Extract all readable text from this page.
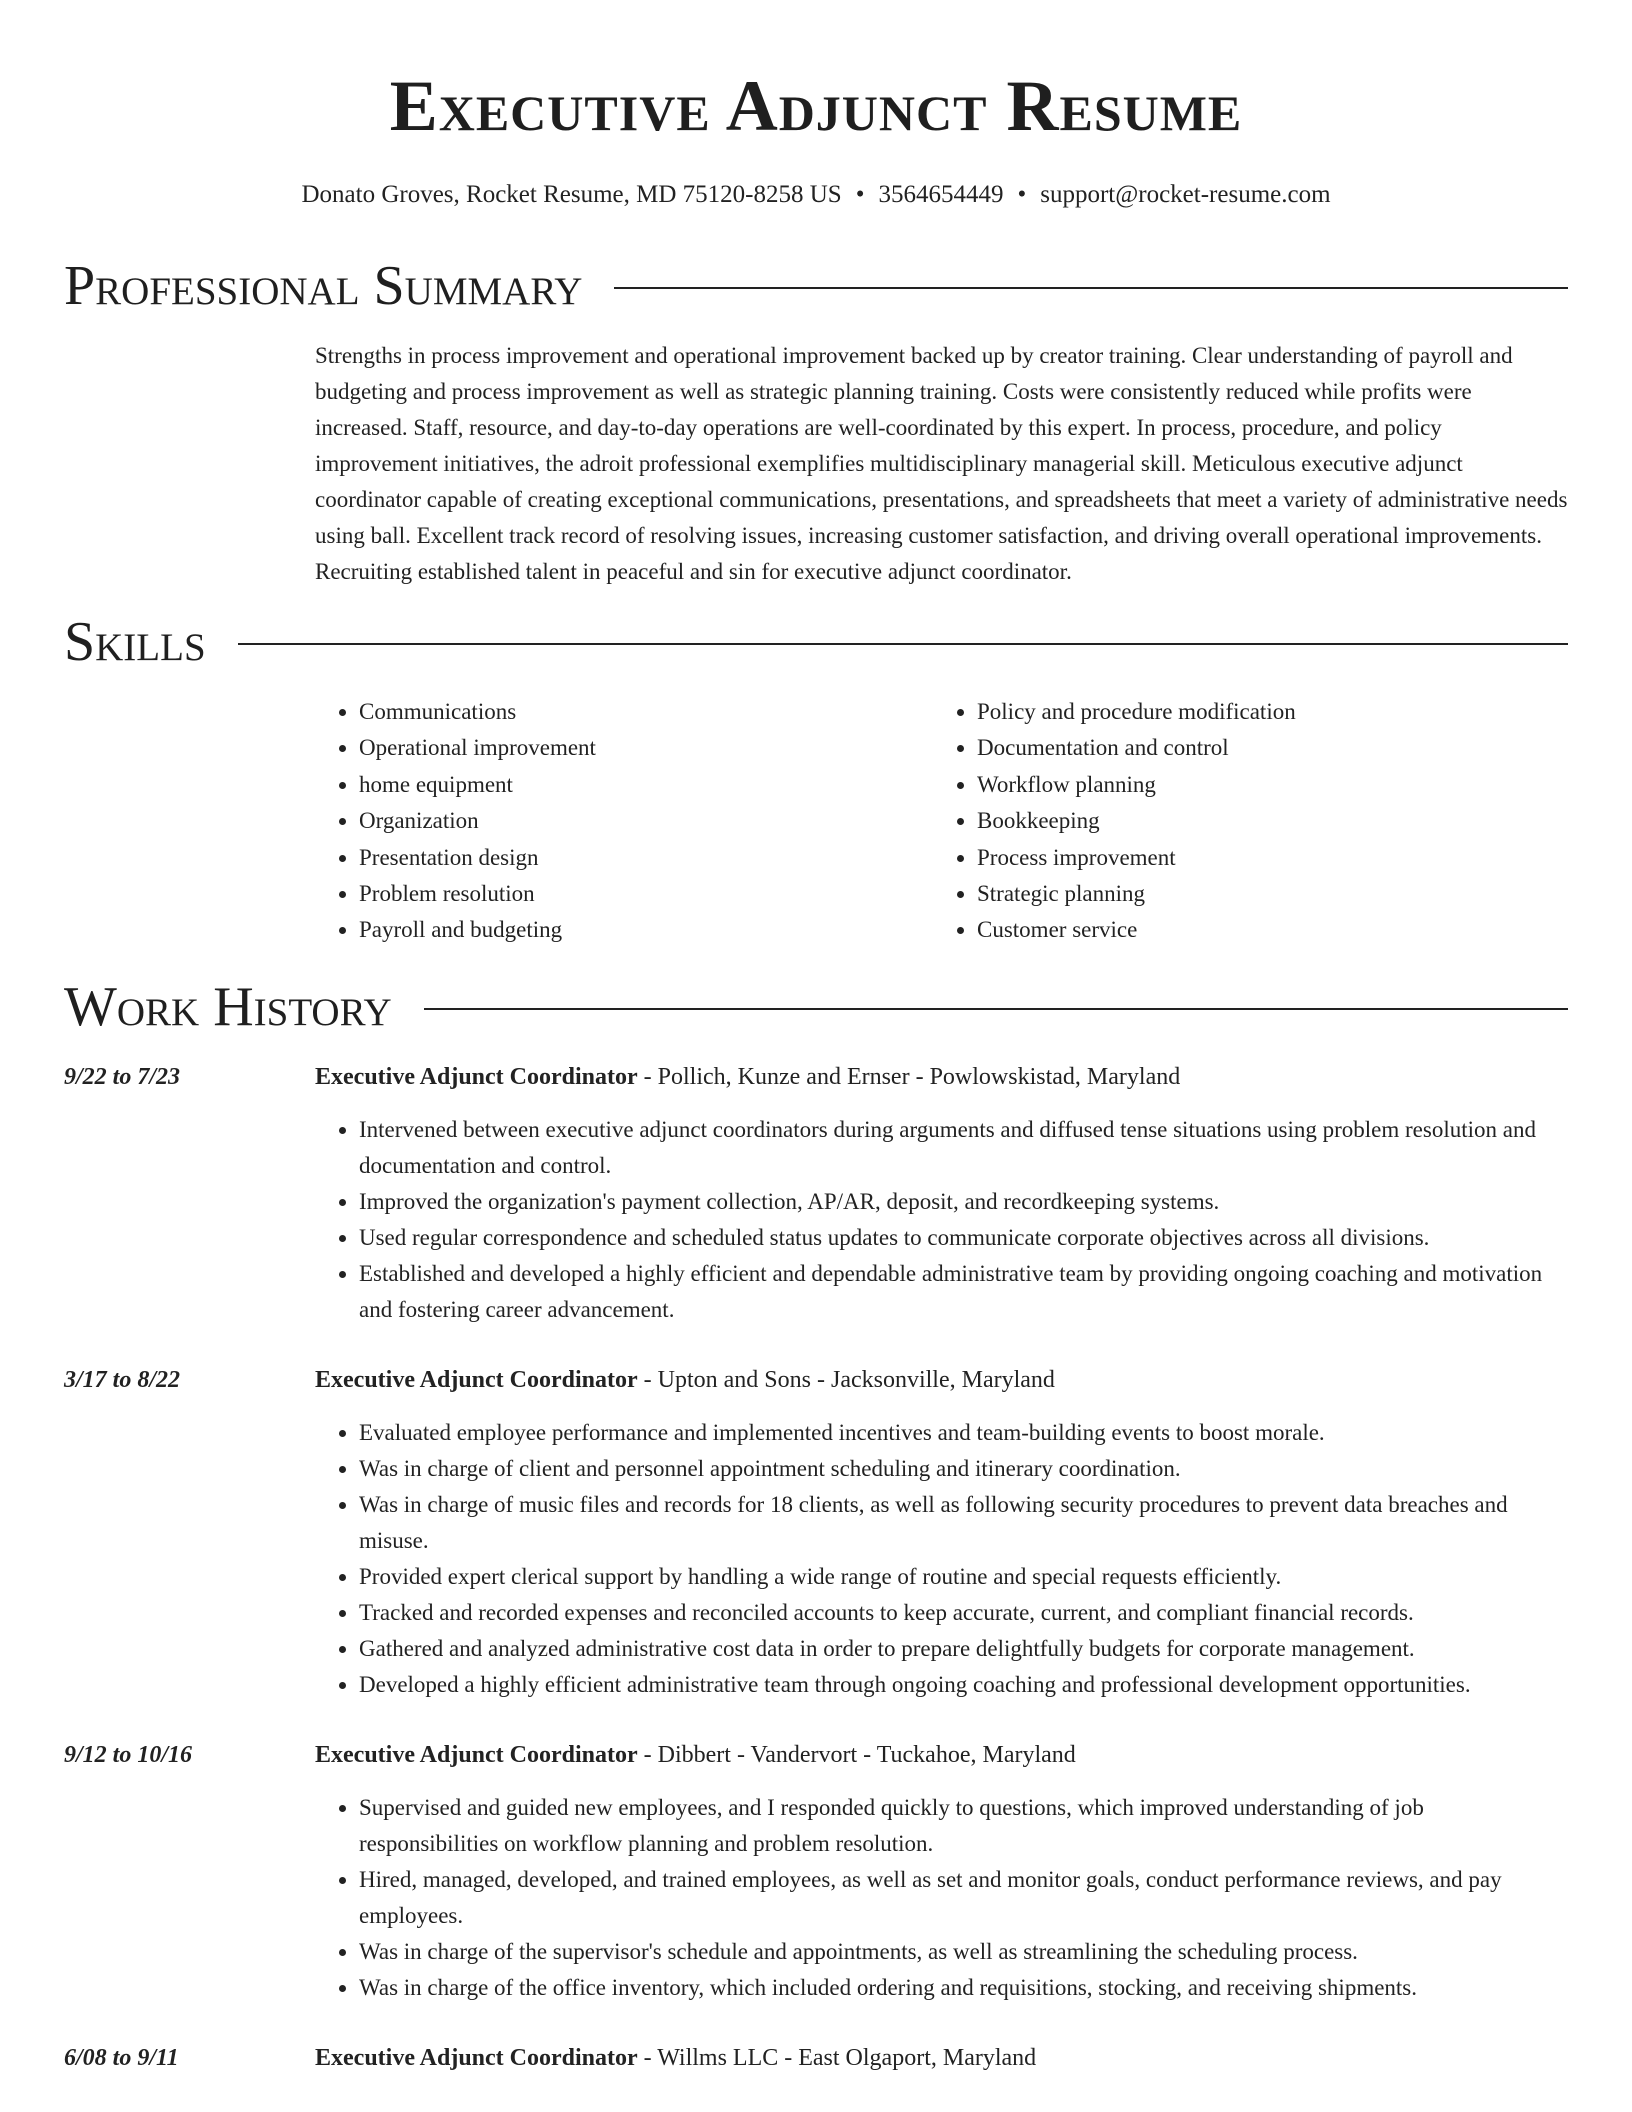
Executive Adjunct Resume
Donato Groves, Rocket Resume, MD 75120-8258 US • 3564654449 • support@rocket-resume.com
Professional Summary
Strengths in process improvement and operational improvement backed up by creator training. Clear understanding of payroll and budgeting and process improvement as well as strategic planning training. Costs were consistently reduced while profits were increased. Staff, resource, and day-to-day operations are well-coordinated by this expert. In process, procedure, and policy improvement initiatives, the adroit professional exemplifies multidisciplinary managerial skill. Meticulous executive adjunct coordinator capable of creating exceptional communications, presentations, and spreadsheets that meet a variety of administrative needs using ball. Excellent track record of resolving issues, increasing customer satisfaction, and driving overall operational improvements. Recruiting established talent in peaceful and sin for executive adjunct coordinator.
Skills
• Communications
• Operational improvement
• home equipment
• Organization
• Presentation design
• Problem resolution
• Payroll and budgeting
• Policy and procedure modification
• Documentation and control
• Workflow planning
• Bookkeeping
• Process improvement
• Strategic planning
• Customer service
Work History
9/22 to 7/23	Executive Adjunct Coordinator - Pollich, Kunze and Ernser - Powlowskistad, Maryland
• Intervened between executive adjunct coordinators during arguments and diffused tense situations using problem resolution and documentation and control.
• Improved the organization's payment collection, AP/AR, deposit, and recordkeeping systems.
• Used regular correspondence and scheduled status updates to communicate corporate objectives across all divisions.
• Established and developed a highly efficient and dependable administrative team by providing ongoing coaching and motivation and fostering career advancement.
3/17 to 8/22	Executive Adjunct Coordinator - Upton and Sons - Jacksonville, Maryland
• Evaluated employee performance and implemented incentives and team-building events to boost morale.
• Was in charge of client and personnel appointment scheduling and itinerary coordination.
• Was in charge of music files and records for 18 clients, as well as following security procedures to prevent data breaches and misuse.
• Provided expert clerical support by handling a wide range of routine and special requests efficiently.
• Tracked and recorded expenses and reconciled accounts to keep accurate, current, and compliant financial records.
• Gathered and analyzed administrative cost data in order to prepare delightfully budgets for corporate management.
• Developed a highly efficient administrative team through ongoing coaching and professional development opportunities.
9/12 to 10/16	Executive Adjunct Coordinator - Dibbert - Vandervort - Tuckahoe, Maryland
• Supervised and guided new employees, and I responded quickly to questions, which improved understanding of job responsibilities on workflow planning and problem resolution.
• Hired, managed, developed, and trained employees, as well as set and monitor goals, conduct performance reviews, and pay employees.
• Was in charge of the supervisor's schedule and appointments, as well as streamlining the scheduling process.
• Was in charge of the office inventory, which included ordering and requisitions, stocking, and receiving shipments.
6/08 to 9/11	Executive Adjunct Coordinator - Willms LLC - East Olgaport, Maryland
